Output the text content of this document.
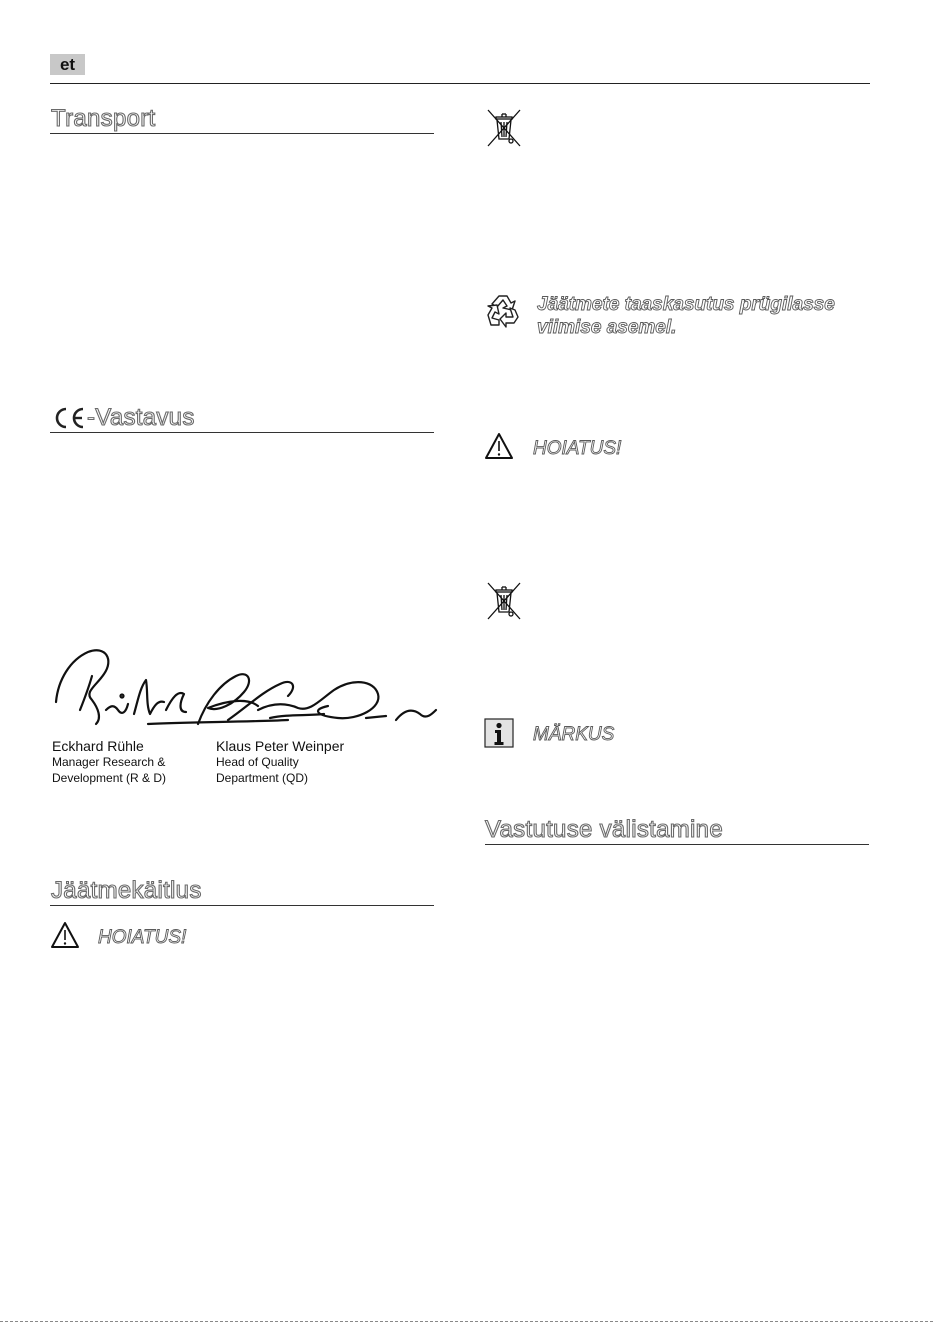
et
Transport
-Vastavus
Eckhard Rühle
Manager Research &
Development (R & D)
Klaus Peter Weinper
Head of Quality
Department (QD)
Jäätmekäitlus
HOIATUS!
Jäätmete taaskasutus prügilasse
viimise asemel.
HOIATUS!
MÄRKUS
Vastutuse välistamine
